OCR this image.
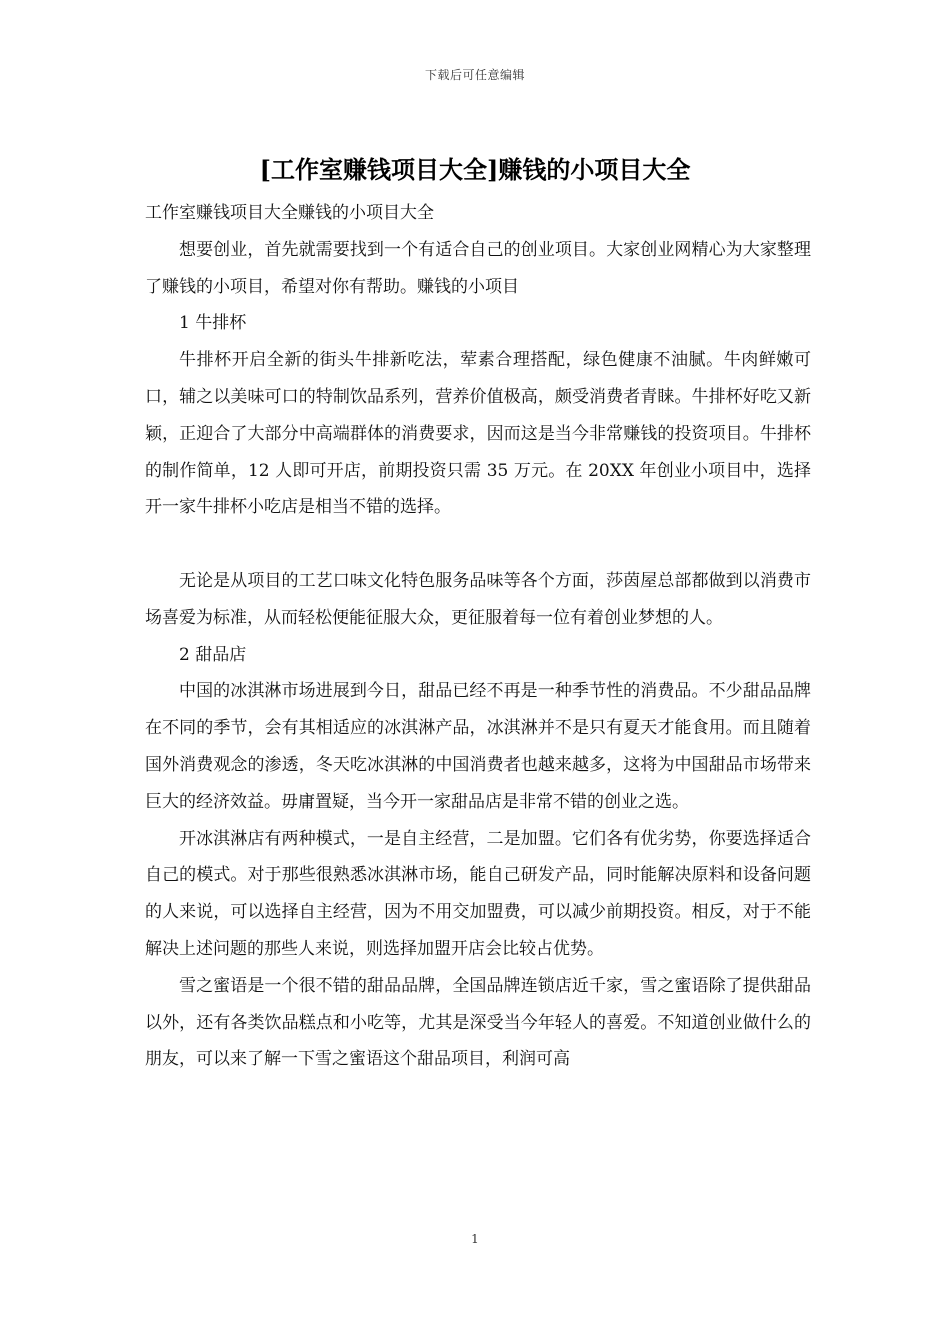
下载后可任意编辑
[工作室赚钱项目大全]赚钱的小项目大全

工作室赚钱项目大全赚钱的小项目大全

想要创业，首先就需要找到一个有适合自己的创业项目。大家创业网精心为大家整理了赚钱的小项目，希望对你有帮助。赚钱的小项目

1 牛排杯

牛排杯开启全新的街头牛排新吃法，荤素合理搭配，绿色健康不油腻。牛肉鲜嫩可口，辅之以美味可口的特制饮品系列，营养价值极高，颇受消费者青睐。牛排杯好吃又新颖，正迎合了大部分中高端群体的消费要求，因而这是当今非常赚钱的投资项目。牛排杯的制作简单，12 人即可开店，前期投资只需 35 万元。在 20XX 年创业小项目中，选择开一家牛排杯小吃店是相当不错的选择。

无论是从项目的工艺口味文化特色服务品味等各个方面，莎茵屋总部都做到以消费市场喜爱为标准，从而轻松便能征服大众，更征服着每一位有着创业梦想的人。

2 甜品店

中国的冰淇淋市场进展到今日，甜品已经不再是一种季节性的消费品。不少甜品品牌在不同的季节，会有其相适应的冰淇淋产品，冰淇淋并不是只有夏天才能食用。而且随着国外消费观念的渗透，冬天吃冰淇淋的中国消费者也越来越多，这将为中国甜品市场带来巨大的经济效益。毋庸置疑，当今开一家甜品店是非常不错的创业之选。

开冰淇淋店有两种模式，一是自主经营，二是加盟。它们各有优劣势，你要选择适合自己的模式。对于那些很熟悉冰淇淋市场，能自己研发产品，同时能解决原料和设备问题的人来说，可以选择自主经营，因为不用交加盟费，可以减少前期投资。相反，对于不能解决上述问题的那些人来说，则选择加盟开店会比较占优势。

雪之蜜语是一个很不错的甜品品牌，全国品牌连锁店近千家，雪之蜜语除了提供甜品以外，还有各类饮品糕点和小吃等，尤其是深受当今年轻人的喜爱。不知道创业做什么的朋友，可以来了解一下雪之蜜语这个甜品项目，利润可高

1
